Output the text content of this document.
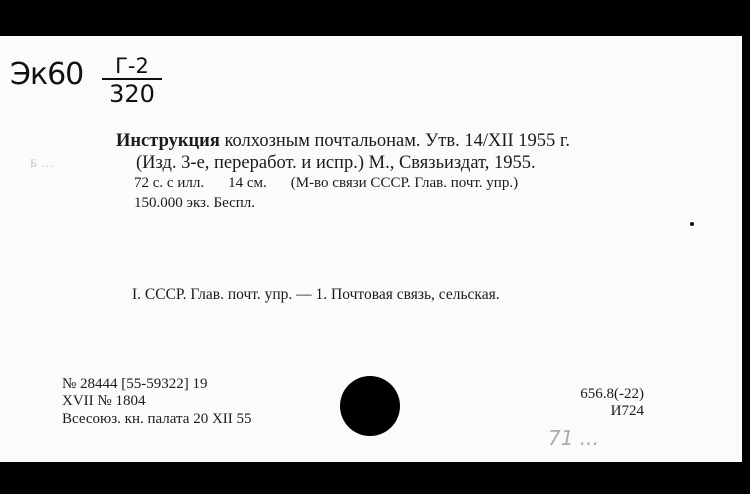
Эк60	Г-2
320
Б ...
Инструкция колхозным почтальонам. Утв. 14/XII 1955 г.
(Изд. 3-е, переработ. и испр.) М., Связьиздат, 1955.
72 с. с илл. 14 см. (М-во связи СССР. Глав. почт. упр.)
150.000 экз. Беспл.
I. СССР. Глав. почт. упр. — 1. Почтовая связь, сельская.
№ 28444 [55-59322] 19
XVII № 1804
Всесоюз. кн. палата 20 XII 55
656.8(-22)
И724
71 ...
